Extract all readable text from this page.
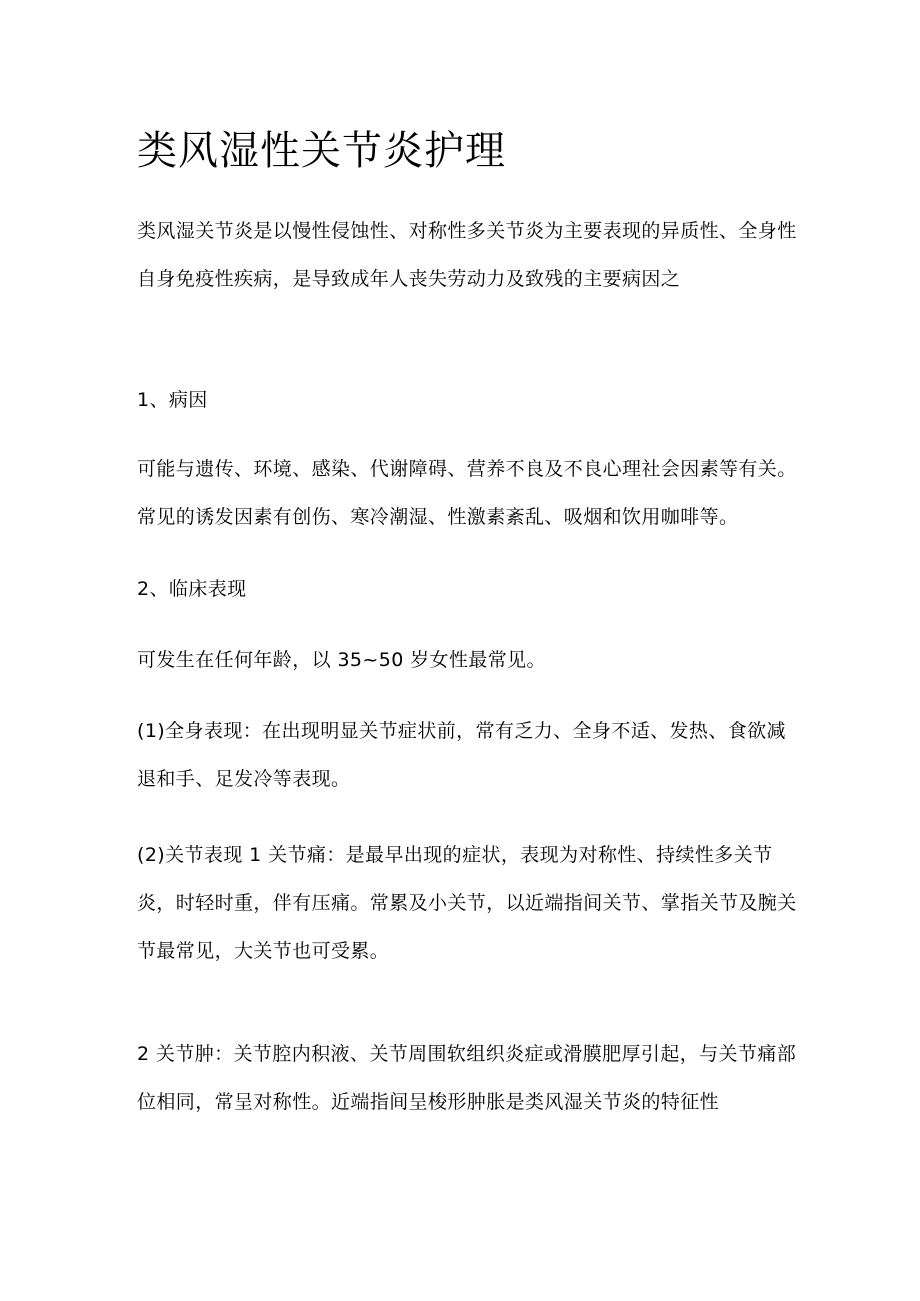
类风湿性关节炎护理

类风湿关节炎是以慢性侵蚀性、对称性多关节炎为主要表现的异质性、全身性自身免疫性疾病，是导致成年人丧失劳动力及致残的主要病因之

1、病因

可能与遗传、环境、感染、代谢障碍、营养不良及不良心理社会因素等有关。常见的诱发因素有创伤、寒冷潮湿、性激素紊乱、吸烟和饮用咖啡等。

2、临床表现

可发生在任何年龄，以 35~50 岁女性最常见。

(1)全身表现：在出现明显关节症状前，常有乏力、全身不适、发热、食欲减退和手、足发冷等表现。

(2)关节表现 1 关节痛：是最早出现的症状，表现为对称性、持续性多关节炎，时轻时重，伴有压痛。常累及小关节，以近端指间关节、掌指关节及腕关节最常见，大关节也可受累。

2 关节肿：关节腔内积液、关节周围软组织炎症或滑膜肥厚引起，与关节痛部位相同，常呈对称性。近端指间呈梭形肿胀是类风湿关节炎的特征性
